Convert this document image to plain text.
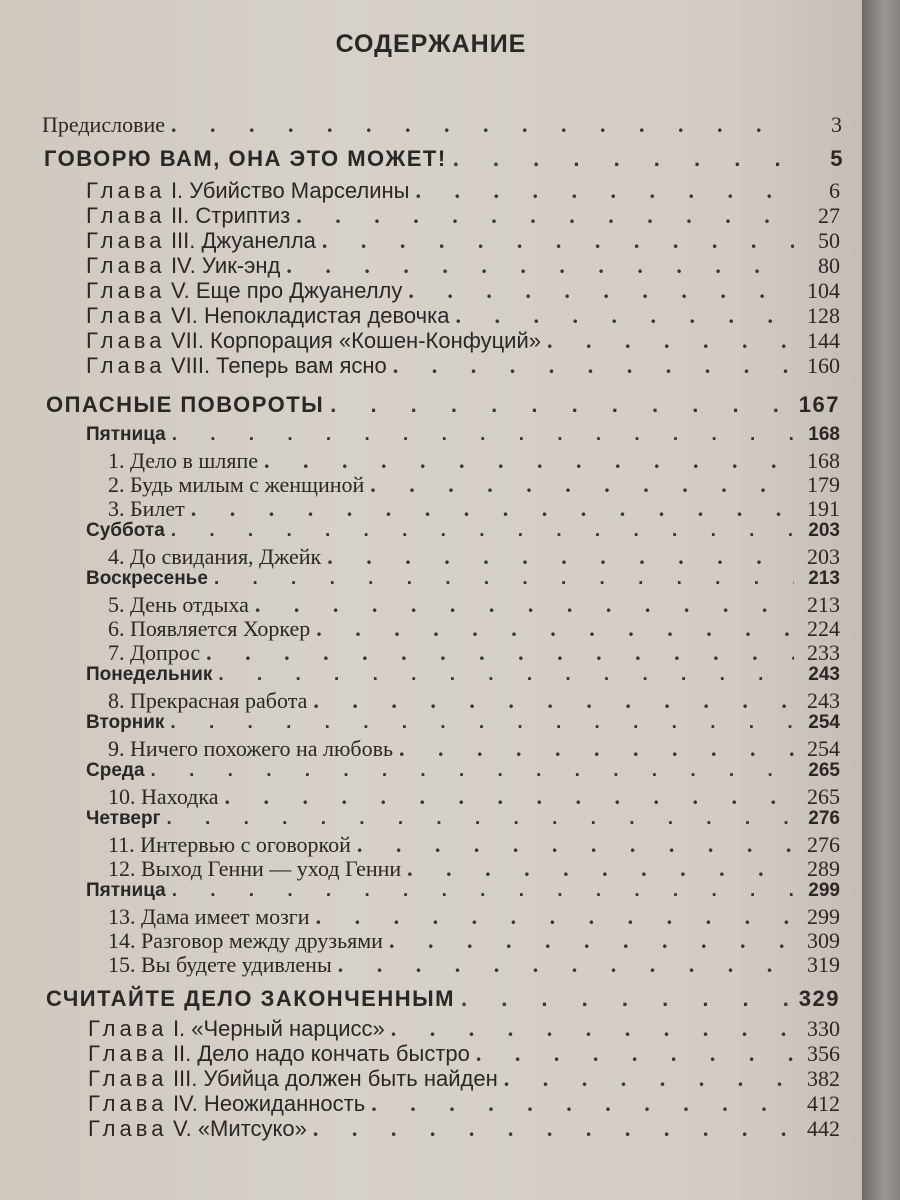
СОДЕРЖАНИЕ
Предисловие . . .	3
ГОВОРЮ ВАМ, ОНА ЭТО МОЖЕТ! . . .	5
Глава I. Убийство Марселины . . .	6
Глава II. Стриптиз . . .	27
Глава III. Джуанелла . . .	50
Глава IV. Уик-энд . . .	80
Глава V. Еще про Джуанеллу . . .	104
Глава VI. Непокладистая девочка . . .	128
Глава VII. Корпорация «Кошен-Конфуций» . . .	144
Глава VIII. Теперь вам ясно . . .	160
ОПАСНЫЕ ПОВОРОТЫ . . .	167
Пятница . . .	168
1. Дело в шляпе . . .	168
2. Будь милым с женщиной . . .	179
3. Билет . . .	191
Суббота . . .	203
4. До свидания, Джейк . . .	203
Воскресенье . . .	213
5. День отдыха . . .	213
6. Появляется Хоркер . . .	224
7. Допрос . . .	233
Понедельник . . .	243
8. Прекрасная работа . . .	243
Вторник . . .	254
9. Ничего похожего на любовь . . .	254
Среда . . .	265
10. Находка . . .	265
Четверг . . .	276
11. Интервью с оговоркой . . .	276
12. Выход Генни — уход Генни . . .	289
Пятница . . .	299
13. Дама имеет мозги . . .	299
14. Разговор между друзьями . . .	309
15. Вы будете удивлены . . .	319
СЧИТАЙТЕ ДЕЛО ЗАКОНЧЕННЫМ . . .	329
Глава I. «Черный нарцисс» . . .	330
Глава II. Дело надо кончать быстро . . .	356
Глава III. Убийца должен быть найден . . .	382
Глава IV. Неожиданность . . .	412
Глава V. «Митсуко» . . .	442
